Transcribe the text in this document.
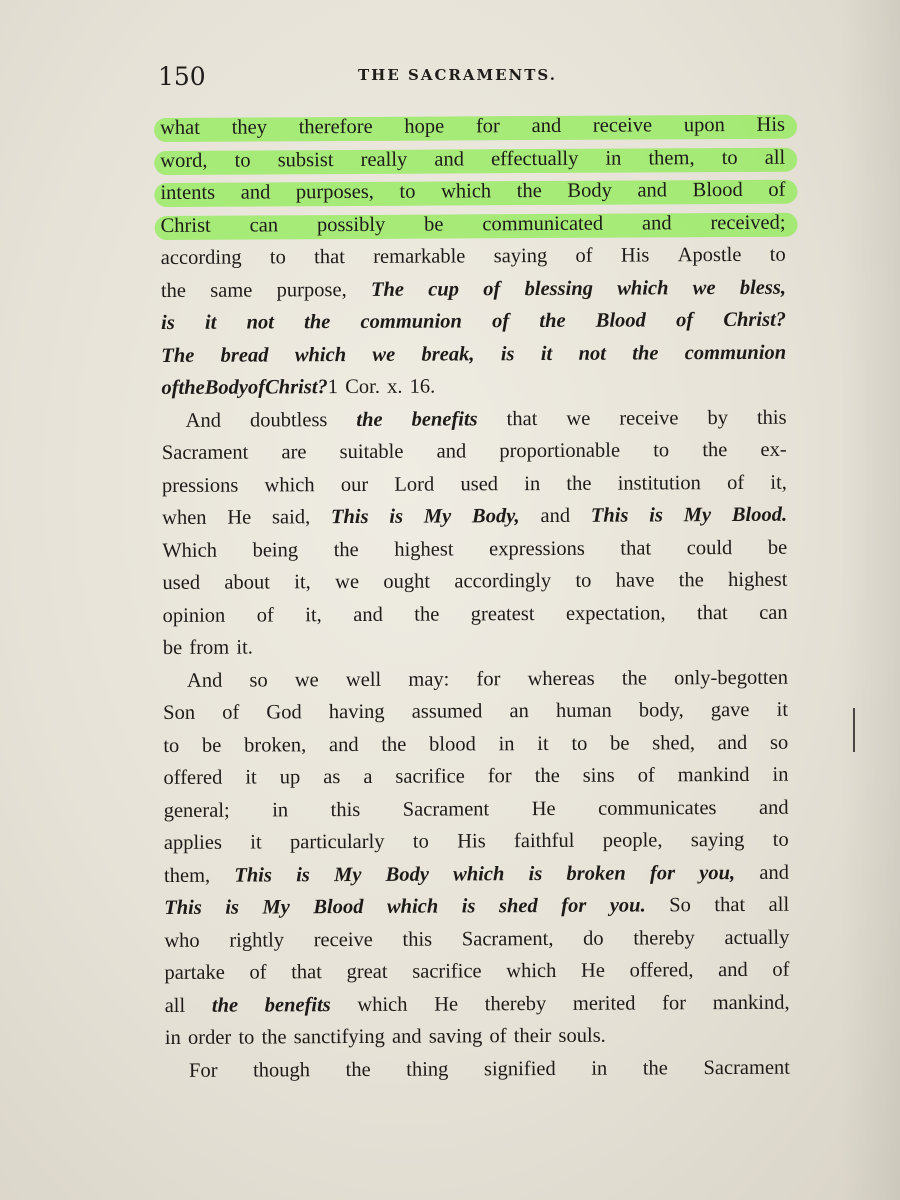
150	THE SACRAMENTS.
what they therefore hope for and receive upon His
word, to subsist really and effectually in them, to all
intents and purposes, to which the Body and Blood of
Christ can possibly be communicated and received;
according to that remarkable saying of His Apostle to
the same purpose, The cup of blessing which we bless,
is it not the communion of the Blood of Christ?
The bread which we break, is it not the communion
of the Body of Christ? 1 Cor. x. 16.
And doubtless the benefits that we receive by this
Sacrament are suitable and proportionable to the ex-
pressions which our Lord used in the institution of it,
when He said, This is My Body, and This is My Blood.
Which being the highest expressions that could be
used about it, we ought accordingly to have the highest
opinion of it, and the greatest expectation, that can
be from it.
And so we well may: for whereas the only-begotten
Son of God having assumed an human body, gave it
to be broken, and the blood in it to be shed, and so
offered it up as a sacrifice for the sins of mankind in
general; in this Sacrament He communicates and
applies it particularly to His faithful people, saying to
them, This is My Body which is broken for you, and
This is My Blood which is shed for you. So that all
who rightly receive this Sacrament, do thereby actually
partake of that great sacrifice which He offered, and of
all the benefits which He thereby merited for mankind,
in order to the sanctifying and saving of their souls.
For though the thing signified in the Sacrament
